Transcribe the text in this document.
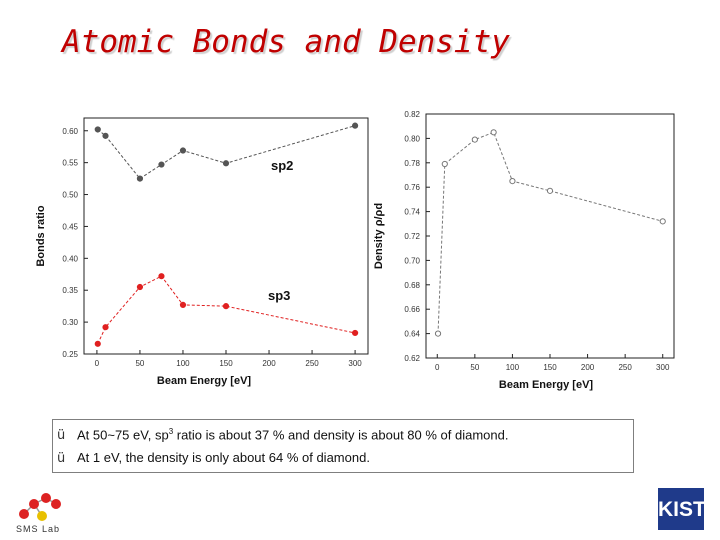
Atomic Bonds and Density
0.25
0.30
0.35
0.40
0.45
0.50
0.55
0.60
0	50	100	150	200	250	300
Beam Energy [eV]
Bonds ratio
sp2
sp3
0.62
0.64
0.66
0.68
0.70
0.72
0.74
0.76
0.78
0.80
0.82
0	50	100	150	200	250	300
Beam Energy [eV]
Density ρ/ρd
ü At 50~75 eV, $sp^3$ ratio is about 37 % and density is about 80 % of diamond.
ü At 1 eV, the density is only about 64 % of diamond.
SMS Lab
KIST
